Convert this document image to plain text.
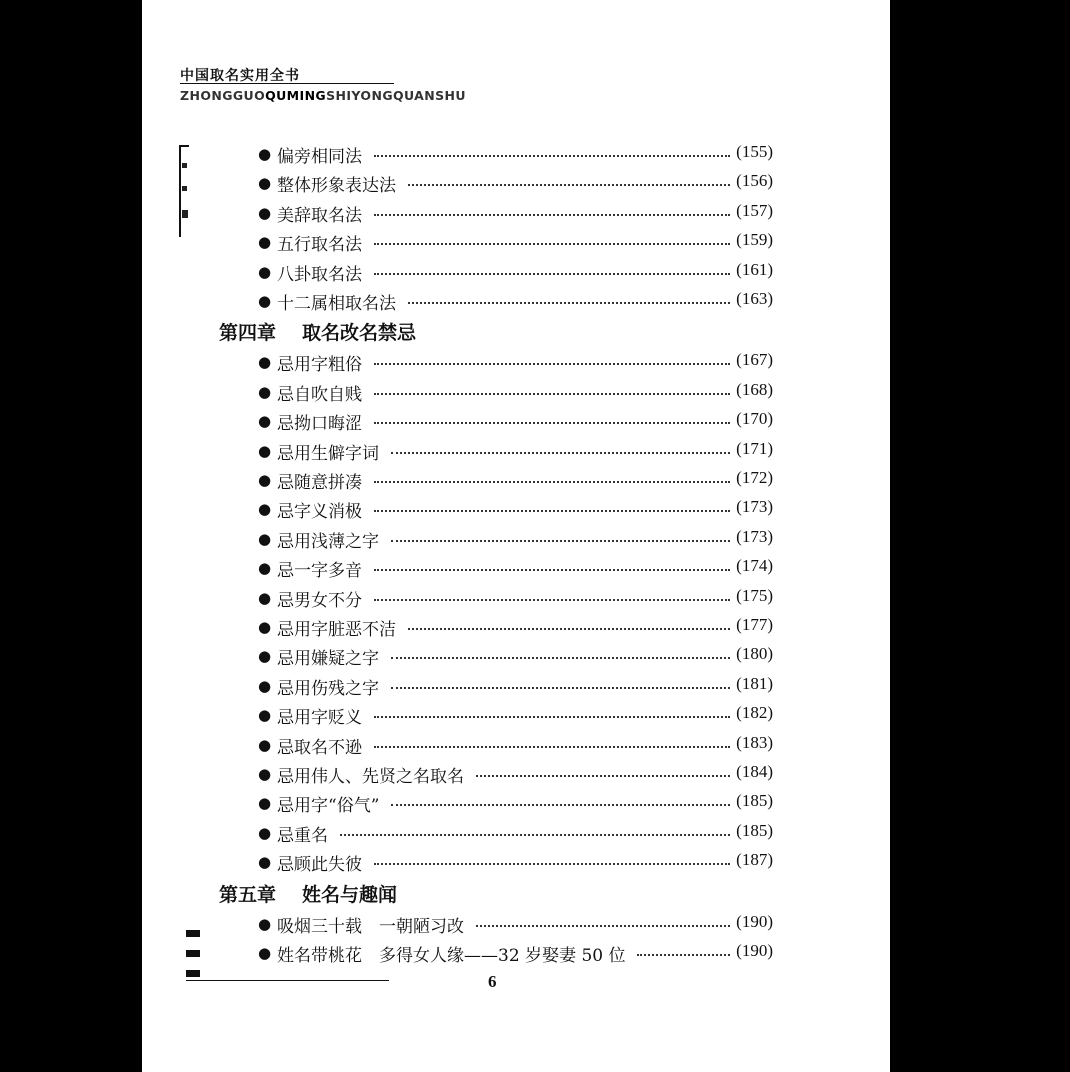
中国取名实用全书
ZHONGGUOQUMINGSHIYONGQUANSHU
● 偏旁相同法	(155)
● 整体形象表达法	(156)
● 美辞取名法	(157)
● 五行取名法	(159)
● 八卦取名法	(161)
● 十二属相取名法	(163)
第四章 取名改名禁忌
● 忌用字粗俗	(167)
● 忌自吹自贱	(168)
● 忌拗口晦涩	(170)
● 忌用生僻字词	(171)
● 忌随意拼凑	(172)
● 忌字义消极	(173)
● 忌用浅薄之字	(173)
● 忌一字多音	(174)
● 忌男女不分	(175)
● 忌用字脏恶不洁	(177)
● 忌用嫌疑之字	(180)
● 忌用伤残之字	(181)
● 忌用字贬义	(182)
● 忌取名不逊	(183)
● 忌用伟人、先贤之名取名	(184)
● 忌用字“俗气”	(185)
● 忌重名	(185)
● 忌顾此失彼	(187)
第五章 姓名与趣闻
● 吸烟三十载　一朝陋习改	(190)
● 姓名带桃花　多得女人缘——32 岁娶妻 50 位	(190)
6
